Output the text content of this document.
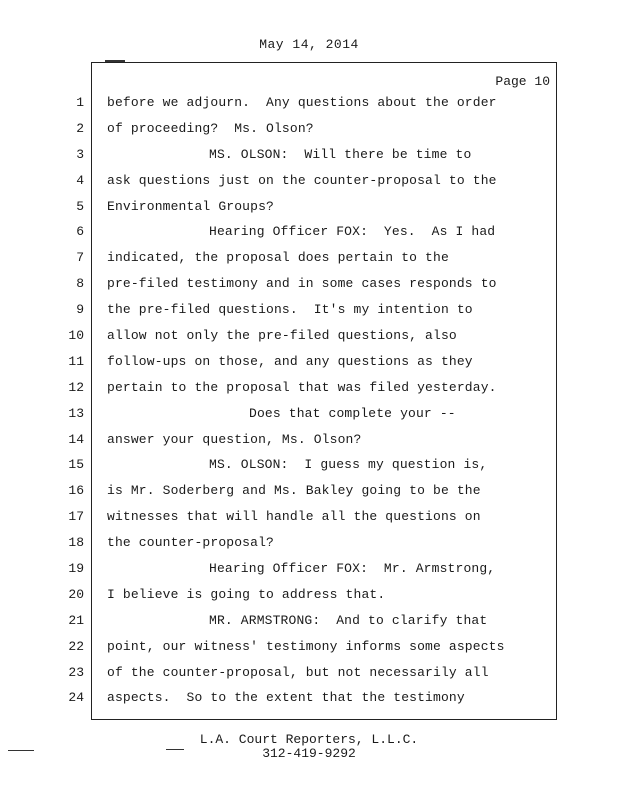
May 14, 2014
Page 10
1 before we adjourn.  Any questions about the order
2 of proceeding?  Ms. Olson?
3	MS. OLSON:  Will there be time to
4 ask questions just on the counter-proposal to the
5 Environmental Groups?
6	Hearing Officer FOX:  Yes.  As I had
7 indicated, the proposal does pertain to the
8 pre-filed testimony and in some cases responds to
9 the pre-filed questions.  It's my intention to
10 allow not only the pre-filed questions, also
11 follow-ups on those, and any questions as they
12 pertain to the proposal that was filed yesterday.
13	Does that complete your --
14 answer your question, Ms. Olson?
15	MS. OLSON:  I guess my question is,
16 is Mr. Soderberg and Ms. Bakley going to be the
17 witnesses that will handle all the questions on
18 the counter-proposal?
19	Hearing Officer FOX:  Mr. Armstrong,
20 I believe is going to address that.
21	MR. ARMSTRONG:  And to clarify that
22 point, our witness' testimony informs some aspects
23 of the counter-proposal, but not necessarily all
24 aspects.  So to the extent that the testimony
L.A. Court Reporters, L.L.C.
312-419-9292
